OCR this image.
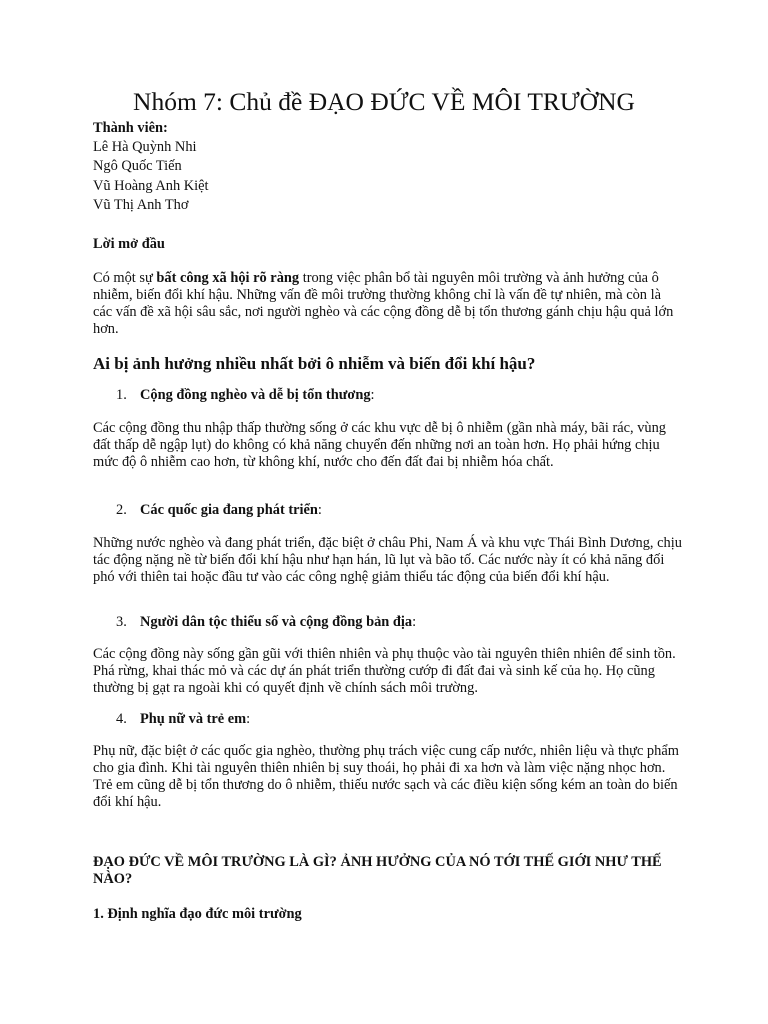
Nhóm 7: Chủ đề ĐẠO ĐỨC VỀ MÔI TRƯỜNG
Thành viên:
Lê Hà Quỳnh Nhi
Ngô Quốc Tiến
Vũ Hoàng Anh Kiệt
Vũ Thị Anh Thơ
Lời mở đầu

Có một sự bất công xã hội rõ ràng trong việc phân bổ tài nguyên môi trường và ảnh hưởng của ô nhiễm, biến đổi khí hậu. Những vấn đề môi trường thường không chỉ là vấn đề tự nhiên, mà còn là các vấn đề xã hội sâu sắc, nơi người nghèo và các cộng đồng dễ bị tổn thương gánh chịu hậu quả lớn hơn.

Ai bị ảnh hưởng nhiều nhất bởi ô nhiễm và biến đổi khí hậu?
1. Cộng đồng nghèo và dễ bị tổn thương:

Các cộng đồng thu nhập thấp thường sống ở các khu vực dễ bị ô nhiễm (gần nhà máy, bãi rác, vùng đất thấp dễ ngập lụt) do không có khả năng chuyển đến những nơi an toàn hơn. Họ phải hứng chịu mức độ ô nhiễm cao hơn, từ không khí, nước cho đến đất đai bị nhiễm hóa chất.

2. Các quốc gia đang phát triển:

Những nước nghèo và đang phát triển, đặc biệt ở châu Phi, Nam Á và khu vực Thái Bình Dương, chịu tác động nặng nề từ biến đổi khí hậu như hạn hán, lũ lụt và bão tố. Các nước này ít có khả năng đối phó với thiên tai hoặc đầu tư vào các công nghệ giảm thiểu tác động của biến đổi khí hậu.

3. Người dân tộc thiểu số và cộng đồng bản địa:

Các cộng đồng này sống gần gũi với thiên nhiên và phụ thuộc vào tài nguyên thiên nhiên để sinh tồn. Phá rừng, khai thác mỏ và các dự án phát triển thường cướp đi đất đai và sinh kế của họ. Họ cũng thường bị gạt ra ngoài khi có quyết định về chính sách môi trường.

4. Phụ nữ và trẻ em:

Phụ nữ, đặc biệt ở các quốc gia nghèo, thường phụ trách việc cung cấp nước, nhiên liệu và thực phẩm cho gia đình. Khi tài nguyên thiên nhiên bị suy thoái, họ phải đi xa hơn và làm việc nặng nhọc hơn. Trẻ em cũng dễ bị tổn thương do ô nhiễm, thiếu nước sạch và các điều kiện sống kém an toàn do biến đổi khí hậu.

ĐẠO ĐỨC VỀ MÔI TRƯỜNG LÀ GÌ? ẢNH HƯỞNG CỦA NÓ TỚI THẾ GIỚI NHƯ THẾ NÀO?
1. Định nghĩa đạo đức môi trường
